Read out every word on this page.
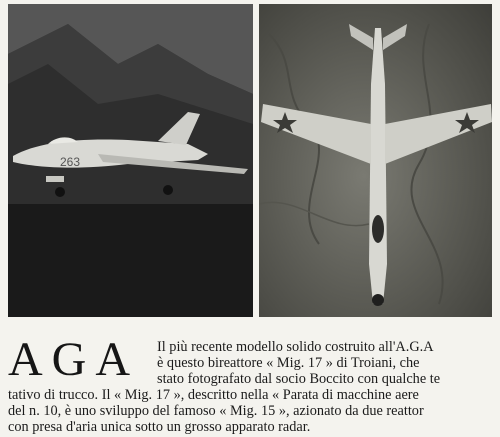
263
AGA Il più recente modello solido costruito all'A.G.A
è questo bireattore « Mig. 17 » di Troiani, che
stato fotografato dal socio Boccito con qualche te
tativo di trucco. Il « Mig. 17 », descritto nella « Parata di macchine aere
del n. 10, è uno sviluppo del famoso « Mig. 15 », azionato da due reattor
con presa d'aria unica sotto un grosso apparato radar.
